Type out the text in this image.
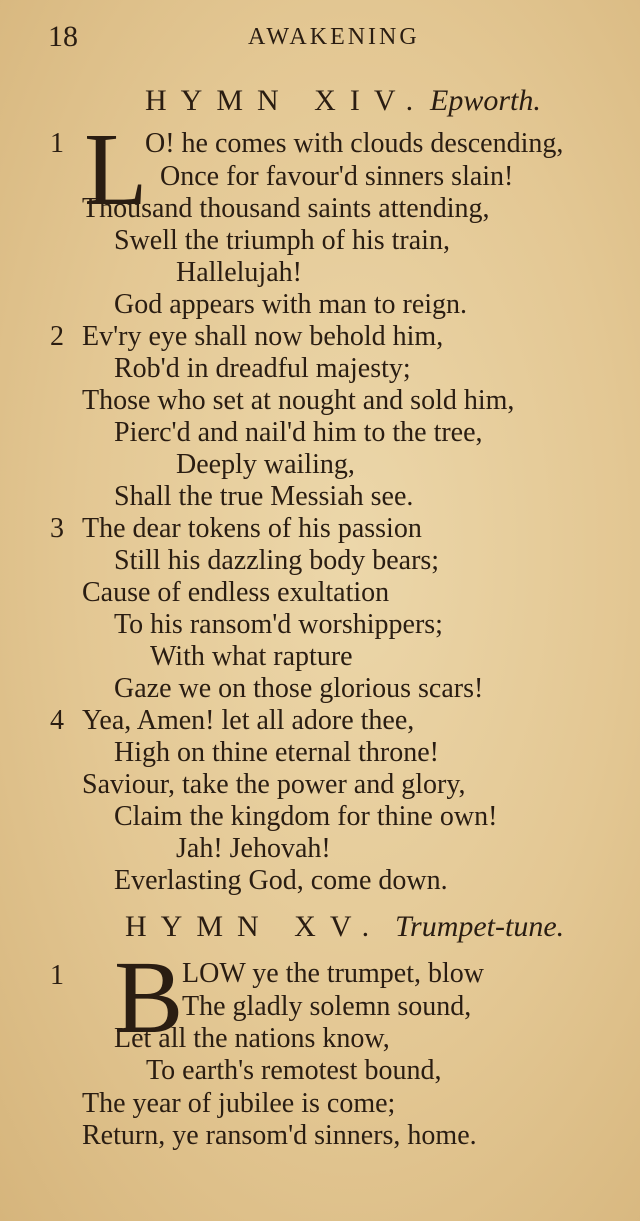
18	AWAKENING
HYMN XIV. Epworth.
1 L
O! he comes with clouds descending,
Once for favour'd sinners slain!
Thousand thousand saints attending,
Swell the triumph of his train,
Hallelujah!
God appears with man to reign.
2 Ev'ry eye shall now behold him,
Rob'd in dreadful majesty;
Those who set at nought and sold him,
Pierc'd and nail'd him to the tree,
Deeply wailing,
Shall the true Messiah see.
3 The dear tokens of his passion
Still his dazzling body bears;
Cause of endless exultation
To his ransom'd worshippers;
With what rapture
Gaze we on those glorious scars!
4 Yea, Amen! let all adore thee,
High on thine eternal throne!
Saviour, take the power and glory,
Claim the kingdom for thine own!
Jah! Jehovah!
Everlasting God, come down.
HYMN XV. Trumpet-tune.
1 B
LOW ye the trumpet, blow
The gladly solemn sound,
Let all the nations know,
To earth's remotest bound,
The year of jubilee is come;
Return, ye ransom'd sinners, home.
